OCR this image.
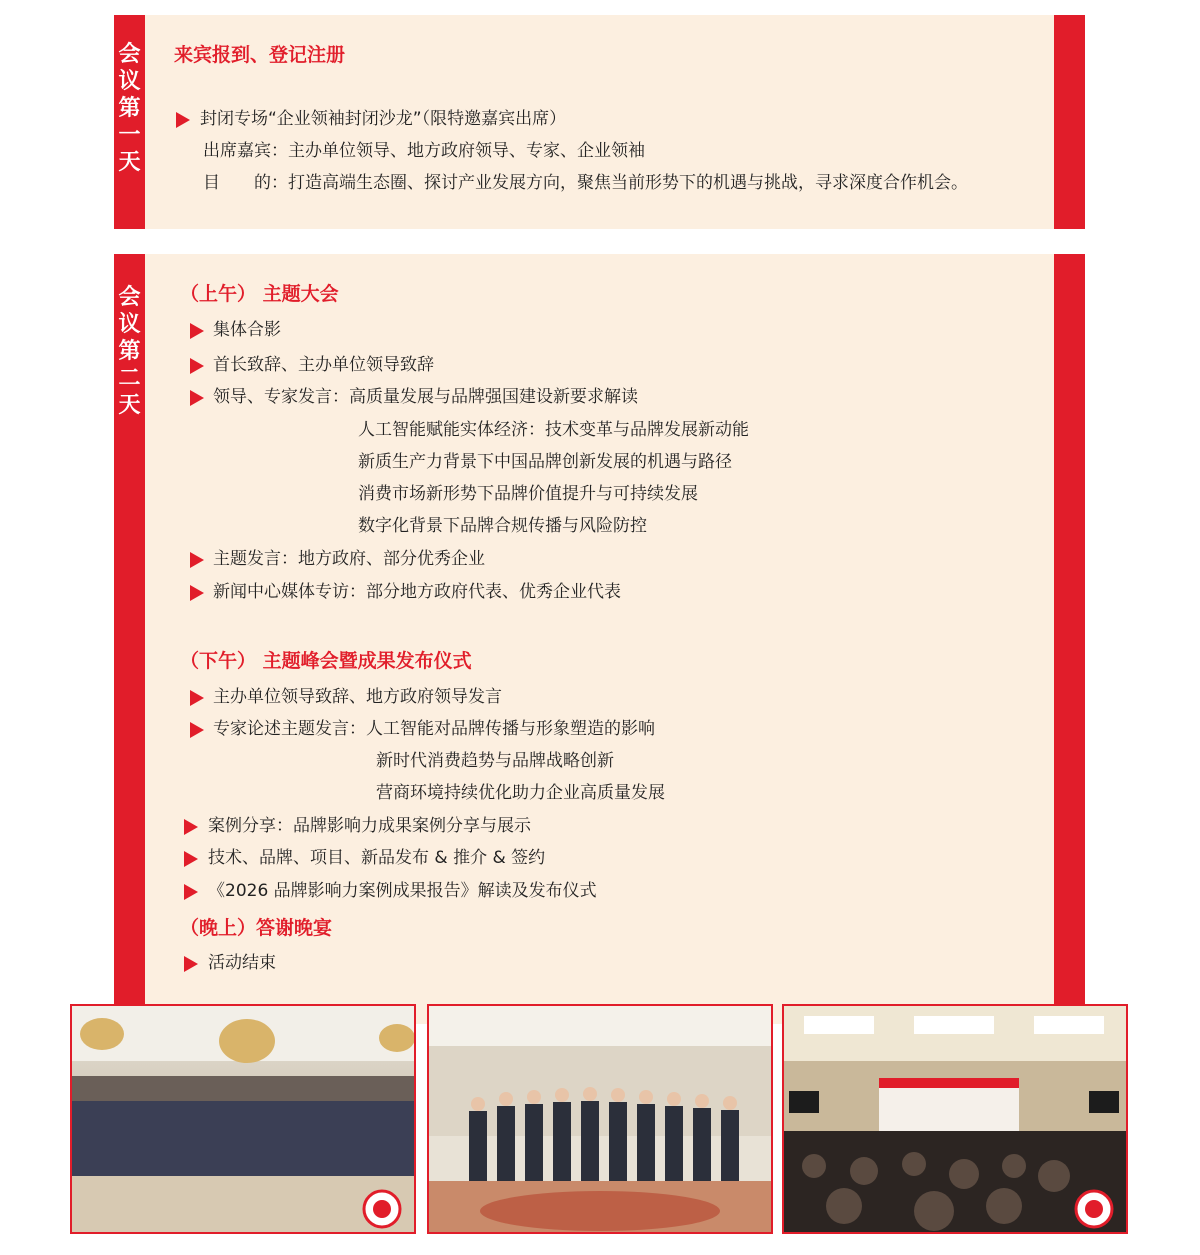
会
议
第
一
天
来宾报到、登记注册
封闭专场“企业领袖封闭沙龙”（限特邀嘉宾出席）
出席嘉宾：主办单位领导、地方政府领导、专家、企业领袖
目　　的：打造高端生态圈、探讨产业发展方向，聚焦当前形势下的机遇与挑战，寻求深度合作机会。
会
议
第
二
天
（上午） 主题大会
集体合影
首长致辞、主办单位领导致辞
领导、专家发言：高质量发展与品牌强国建设新要求解读
人工智能赋能实体经济：技术变革与品牌发展新动能
新质生产力背景下中国品牌创新发展的机遇与路径
消费市场新形势下品牌价值提升与可持续发展
数字化背景下品牌合规传播与风险防控
主题发言：地方政府、部分优秀企业
新闻中心媒体专访：部分地方政府代表、优秀企业代表
（下午） 主题峰会暨成果发布仪式
主办单位领导致辞、地方政府领导发言
专家论述主题发言：人工智能对品牌传播与形象塑造的影响
新时代消费趋势与品牌战略创新
营商环境持续优化助力企业高质量发展
案例分享：品牌影响力成果案例分享与展示
技术、品牌、项目、新品发布 & 推介 & 签约
《2026 品牌影响力案例成果报告》解读及发布仪式
（晚上）答谢晚宴
活动结束
